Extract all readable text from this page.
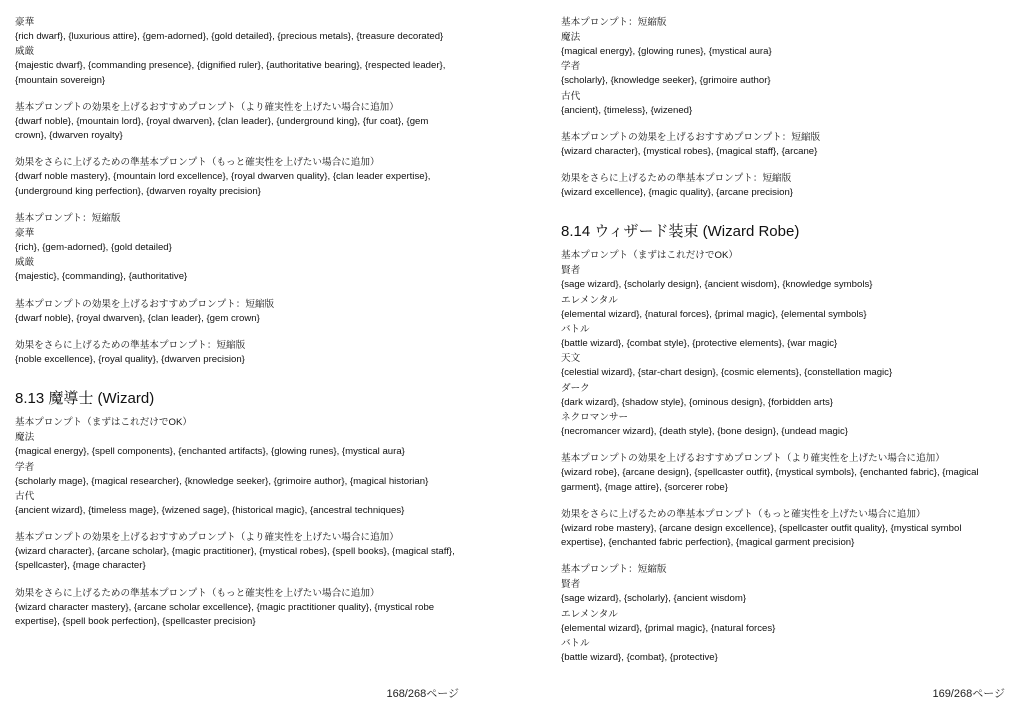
豪華
{rich dwarf}, {luxurious attire}, {gem-adorned}, {gold detailed}, {precious metals}, {treasure decorated}
威厳
{majestic dwarf}, {commanding presence}, {dignified ruler}, {authoritative bearing}, {respected leader}, {mountain sovereign}
基本プロンプトの効果を上げるおすすめプロンプト（より確実性を上げたい場合に追加）
{dwarf noble}, {mountain lord}, {royal dwarven}, {clan leader}, {underground king}, {fur coat}, {gem crown}, {dwarven royalty}
効果をさらに上げるための準基本プロンプト（もっと確実性を上げたい場合に追加）
{dwarf noble mastery}, {mountain lord excellence}, {royal dwarven quality}, {clan leader expertise}, {underground king perfection}, {dwarven royalty precision}
基本プロンプト：短縮版
豪華
{rich}, {gem-adorned}, {gold detailed}
威厳
{majestic}, {commanding}, {authoritative}
基本プロンプトの効果を上げるおすすめプロンプト：短縮版
{dwarf noble}, {royal dwarven}, {clan leader}, {gem crown}
効果をさらに上げるための準基本プロンプト：短縮版
{noble excellence}, {royal quality}, {dwarven precision}
8.13 魔導士 (Wizard)
基本プロンプト（まずはこれだけでOK）
魔法
{magical energy}, {spell components}, {enchanted artifacts}, {glowing runes}, {mystical aura}
学者
{scholarly mage}, {magical researcher}, {knowledge seeker}, {grimoire author}, {magical historian}
古代
{ancient wizard}, {timeless mage}, {wizened sage}, {historical magic}, {ancestral techniques}
基本プロンプトの効果を上げるおすすめプロンプト（より確実性を上げたい場合に追加）
{wizard character}, {arcane scholar}, {magic practitioner}, {mystical robes}, {spell books}, {magical staff}, {spellcaster}, {mage character}
効果をさらに上げるための準基本プロンプト（もっと確実性を上げたい場合に追加）
{wizard character mastery}, {arcane scholar excellence}, {magic practitioner quality}, {mystical robe expertise}, {spell book perfection}, {spellcaster precision}
基本プロンプト：短縮版
魔法
{magical energy}, {glowing runes}, {mystical aura}
学者
{scholarly}, {knowledge seeker}, {grimoire author}
古代
{ancient}, {timeless}, {wizened}
基本プロンプトの効果を上げるおすすめプロンプト：短縮版
{wizard character}, {mystical robes}, {magical staff}, {arcane}
効果をさらに上げるための準基本プロンプト：短縮版
{wizard excellence}, {magic quality}, {arcane precision}
8.14 ウィザード装束 (Wizard Robe)
基本プロンプト（まずはこれだけでOK）
賢者
{sage wizard}, {scholarly design}, {ancient wisdom}, {knowledge symbols}
エレメンタル
{elemental wizard}, {natural forces}, {primal magic}, {elemental symbols}
バトル
{battle wizard}, {combat style}, {protective elements}, {war magic}
天文
{celestial wizard}, {star-chart design}, {cosmic elements}, {constellation magic}
ダーク
{dark wizard}, {shadow style}, {ominous design}, {forbidden arts}
ネクロマンサー
{necromancer wizard}, {death style}, {bone design}, {undead magic}
基本プロンプトの効果を上げるおすすめプロンプト（より確実性を上げたい場合に追加）
{wizard robe}, {arcane design}, {spellcaster outfit}, {mystical symbols}, {enchanted fabric}, {magical garment}, {mage attire}, {sorcerer robe}
効果をさらに上げるための準基本プロンプト（もっと確実性を上げたい場合に追加）
{wizard robe mastery}, {arcane design excellence}, {spellcaster outfit quality}, {mystical symbol expertise}, {enchanted fabric perfection}, {magical garment precision}
基本プロンプト：短縮版
賢者
{sage wizard}, {scholarly}, {ancient wisdom}
エレメンタル
{elemental wizard}, {primal magic}, {natural forces}
バトル
{battle wizard}, {combat}, {protective}
168/268ページ	169/268ページ
